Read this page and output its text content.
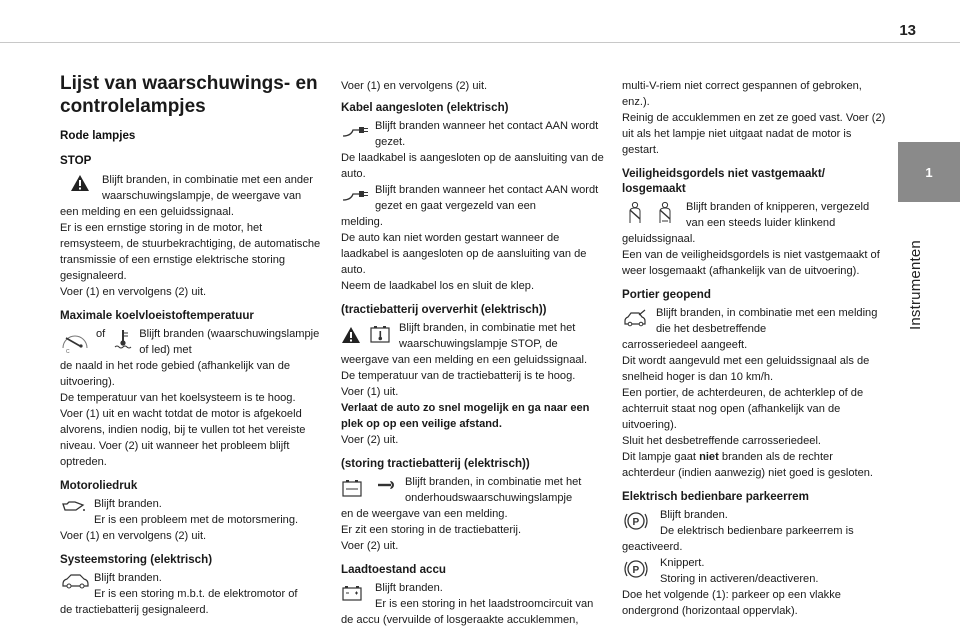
13
1
Instrumenten
Lijst van waarschuwings- en controlelampjes
Rode lampjes
STOP

Blijft branden, in combinatie met een ander waarschuwingslampje, de weergave van

een melding en een geluidssignaal.

Er is een ernstige storing in de motor, het remsysteem, de stuurbekrachtiging, de automatische transmissie of een ernstige elektrische storing gesignaleerd.

Voer (1) en vervolgens (2) uit.

Maximale koelvloeistoftemperatuur
C
of	Blijft branden (waarschuwingslampje of led) met

de naald in het rode gebied (afhankelijk van de uitvoering).

De temperatuur van het koelsysteem is te hoog.

Voer (1) uit en wacht totdat de motor is afgekoeld alvorens, indien nodig, bij te vullen tot het vereiste niveau. Voer (2) uit wanneer het probleem blijft optreden.

Motoroliedruk

Blijft branden.

Er is een probleem met de motorsmering.

Voer (1) en vervolgens (2) uit.

Systeemstoring (elektrisch)

Blijft branden.

Er is een storing m.b.t. de elektromotor of

de tractiebatterij gesignaleerd.

Voer (1) en vervolgens (2) uit.

Kabel aangesloten (elektrisch)

Blijft branden wanneer het contact AAN wordt gezet.

De laadkabel is aangesloten op de aansluiting van de auto.

Blijft branden wanneer het contact AAN wordt gezet en gaat vergezeld van een

melding.

De auto kan niet worden gestart wanneer de laadkabel is aangesloten op de aansluiting van de auto.

Neem de laadkabel los en sluit de klep.

(tractiebatterij oververhit (elektrisch))

Blijft branden, in combinatie met het waarschuwingslampje STOP, de

weergave van een melding en een geluidssignaal.

De temperatuur van de tractiebatterij is te hoog.

Voer (1) uit.

Verlaat de auto zo snel mogelijk en ga naar een plek op op een veilige afstand.

Voer (2) uit.

(storing tractiebatterij (elektrisch))

Blijft branden, in combinatie met het onderhoudswaarschuwingslampje

en de weergave van een melding.

Er zit een storing in de tractiebatterij.

Voer (2) uit.

Laadtoestand accu

Blijft branden.

Er is een storing in het laadstroomcircuit van

de accu (vervuilde of losgeraakte accuklemmen,

multi-V-riem niet correct gespannen of gebroken, enz.).

Reinig de accuklemmen en zet ze goed vast. Voer (2) uit als het lampje niet uitgaat nadat de motor is gestart.

Veiligheidsgordels niet vastgemaakt/ losgemaakt

Blijft branden of knipperen, vergezeld van een steeds luider klinkend

geluidssignaal.

Een van de veiligheidsgordels is niet vastgemaakt of weer losgemaakt (afhankelijk van de uitvoering).

Portier geopend

Blijft branden, in combinatie met een melding die het desbetreffende

carrosseriedeel aangeeft.

Dit wordt aangevuld met een geluidssignaal als de snelheid hoger is dan 10 km/h.

Een portier, de achterdeuren, de achterklep of de achterruit staat nog open (afhankelijk van de uitvoering).

Sluit het desbetreffende carrosseriedeel.

Dit lampje gaat niet branden als de rechter achterdeur (indien aanwezig) niet goed is gesloten.

Elektrisch bedienbare parkeerrem
P

Blijft branden.

De elektrisch bedienbare parkeerrem is

geactiveerd.

P

Knippert.

Storing in activeren/deactiveren.

Doe het volgende (1): parkeer op een vlakke ondergrond (horizontaal oppervlak).
